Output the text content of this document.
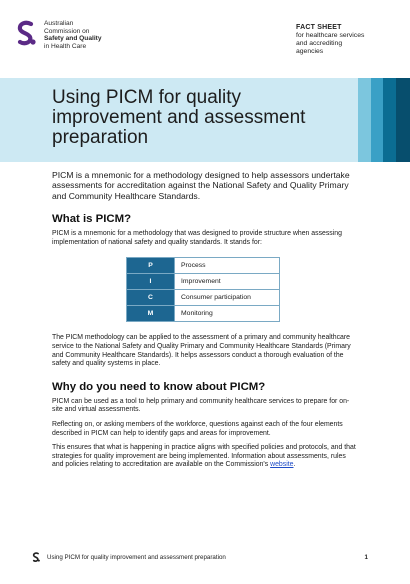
Australian
Commission on
Safety and Quality
in Health Care
FACT SHEET
for healthcare services
and accrediting
agencies
Using PICM for quality improvement and assessment preparation

PICM is a mnemonic for a methodology designed to help assessors undertake assessments for accreditation against the National Safety and Quality Primary and Community Healthcare Standards.

What is PICM?

PICM is a mnemonic for a methodology that was designed to provide structure when assessing implementation of national safety and quality standards. It stands for:

P	Process
I	Improvement
C	Consumer participation
M	Monitoring

The PICM methodology can be applied to the assessment of a primary and community healthcare service to the National Safety and Quality Primary and Community Healthcare Standards (Primary and Community Healthcare Standards). It helps assessors conduct a thorough evaluation of the safety and quality systems in place.

Why do you need to know about PICM?

PICM can be used as a tool to help primary and community healthcare services to prepare for on-site and virtual assessments.

Reflecting on, or asking members of the workforce, questions against each of the four elements described in PICM can help to identify gaps and areas for improvement.

This ensures that what is happening in practice aligns with specified policies and protocols, and that strategies for quality improvement are being implemented. Information about assessments, rules and policies relating to accreditation are available on the Commission's website.

Using PICM for quality improvement and assessment preparation	1
